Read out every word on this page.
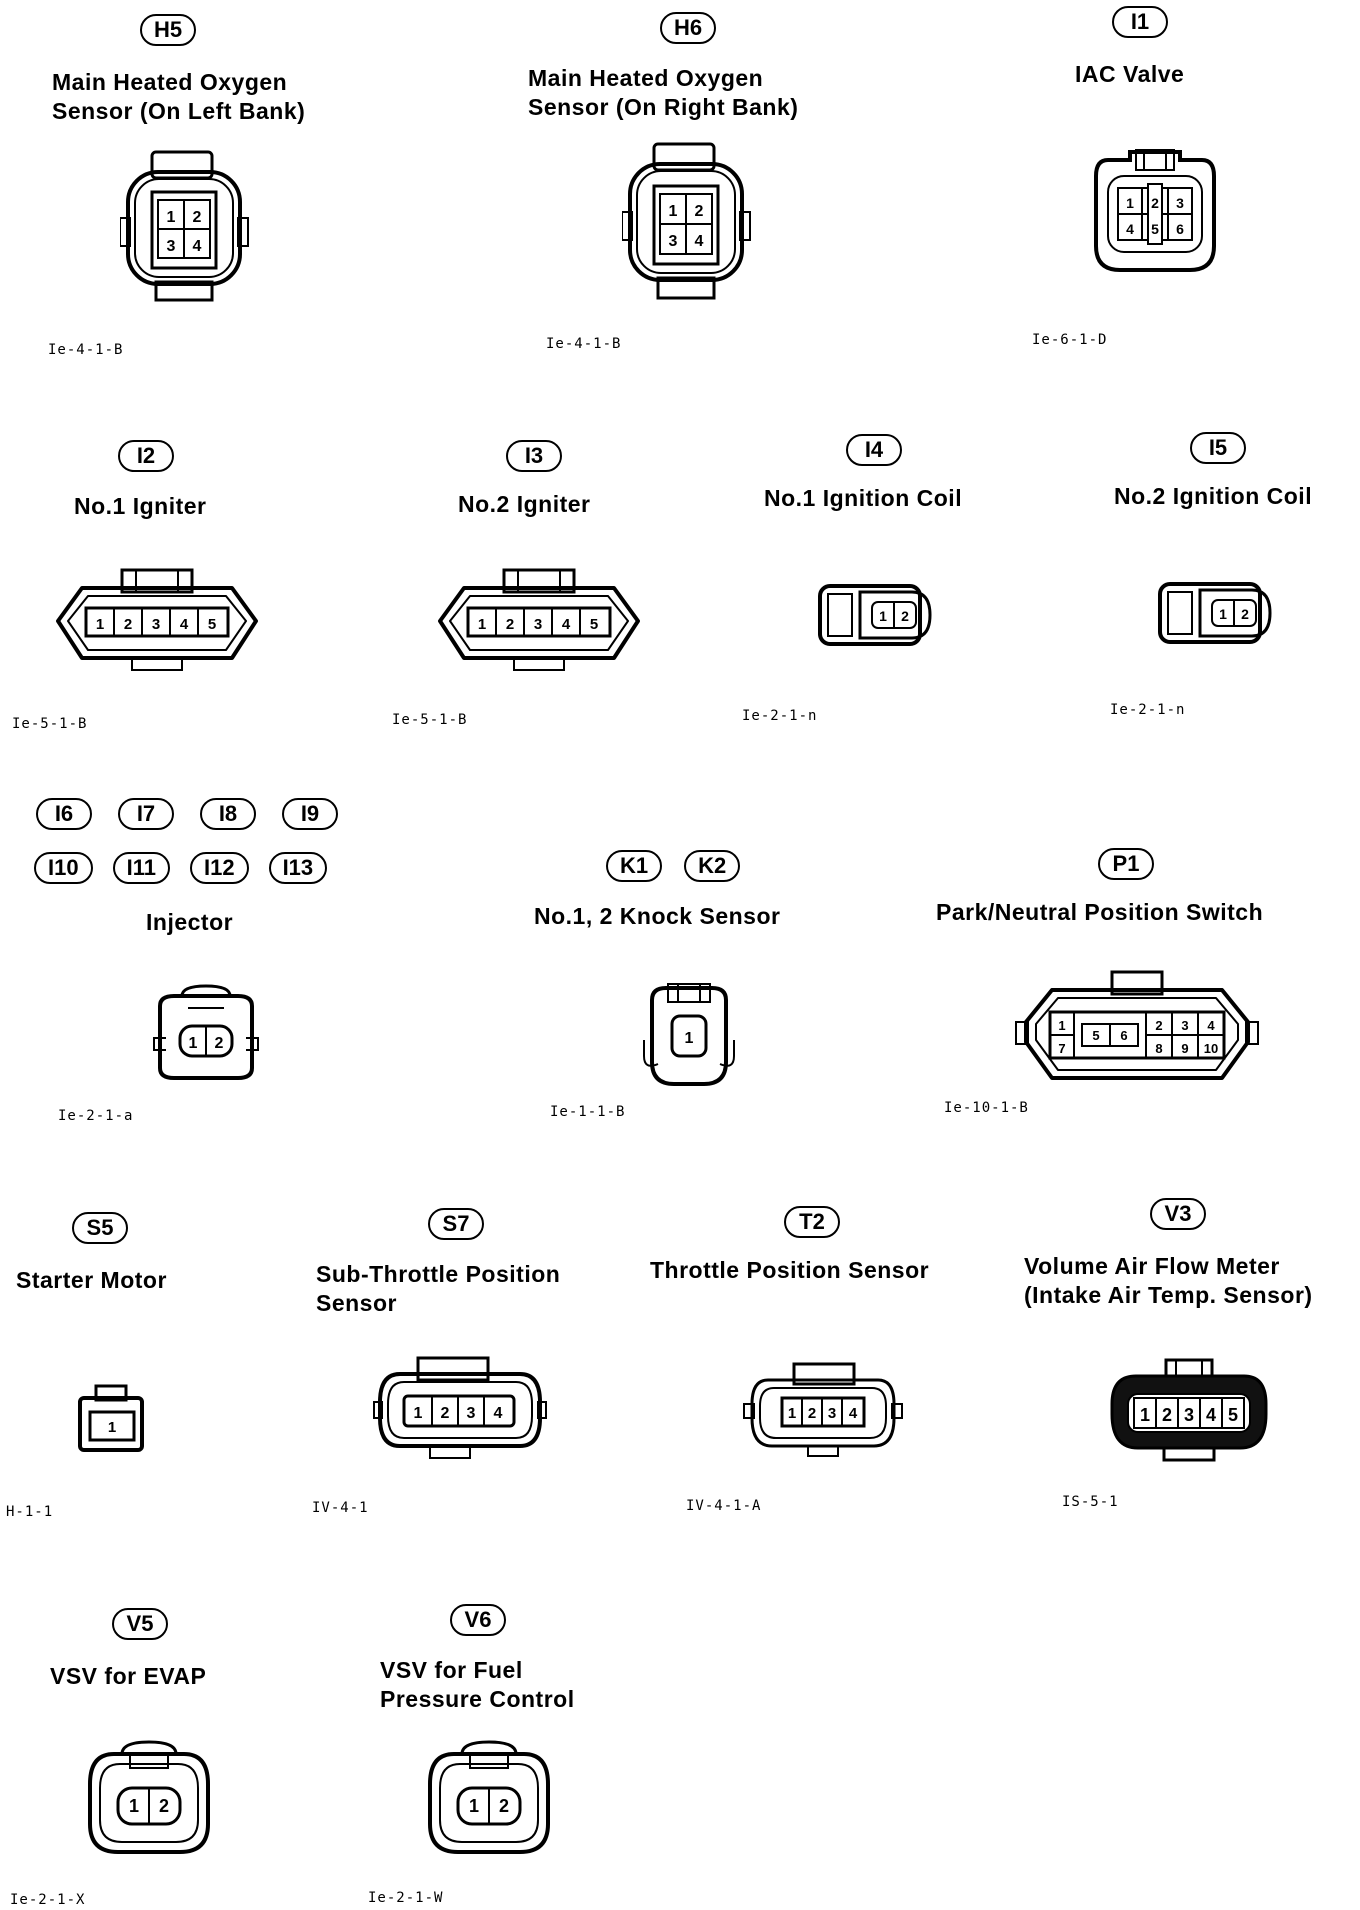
H5
Main Heated Oxygen
Sensor (On Left Bank)
1 2
3 4
Ie-4-1-B
H6
Main Heated Oxygen
Sensor (On Right Bank)
1 2
3 4
Ie-4-1-B
I1
IAC Valve
1 2 3
4 5 6
Ie-6-1-D
I2
No.1 Igniter
1 2 3 4 5
Ie-5-1-B
I3
No.2 Igniter
1 2 3 4 5
Ie-5-1-B
I4
No.1 Ignition Coil
1 2
Ie-2-1-n
I5
No.2 Ignition Coil
1 2
Ie-2-1-n
I6	I7	I8	I9
I10	I11	I12	I13
Injector
1 2
Ie-2-1-a
K1	K2
No.1, 2 Knock Sensor
1
Ie-1-1-B
P1
Park/Neutral Position Switch
1	2 3 4
5 6
7	8 9 10
Ie-10-1-B
S5
Starter Motor
1
H-1-1
S7
Sub-Throttle Position
Sensor
1 2 3 4
IV-4-1
T2
Throttle Position Sensor
1 2 3 4
IV-4-1-A
V3
Volume Air Flow Meter
(Intake Air Temp. Sensor)
1 2 3 4 5
IS-5-1
V5
VSV for EVAP
1 2
Ie-2-1-X
V6
VSV for Fuel
Pressure Control
1 2
Ie-2-1-W
